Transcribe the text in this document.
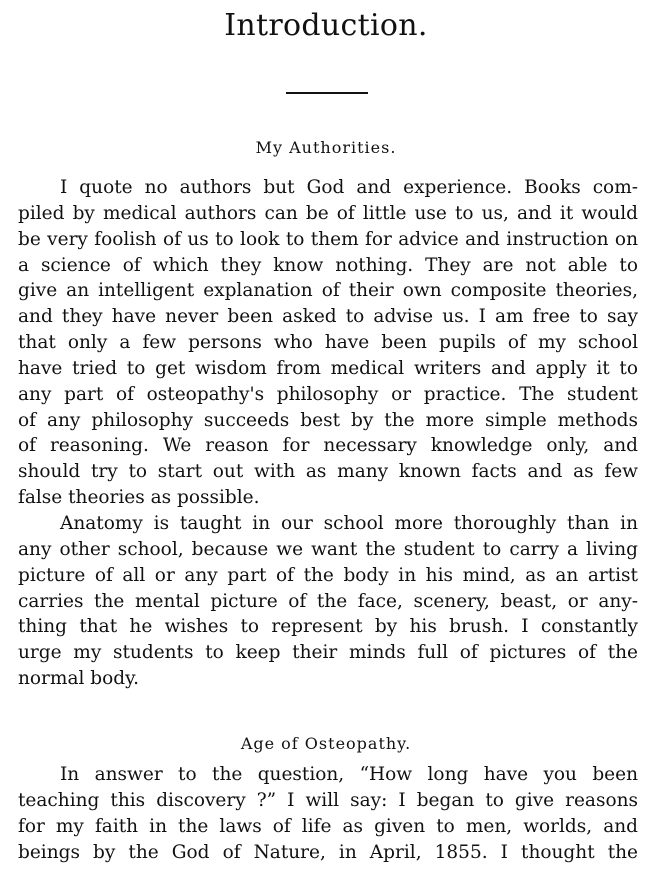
Introduction.
My Authorities.
I quote no authors but God and experience. Books com-
piled by medical authors can be of little use to us, and it would
be very foolish of us to look to them for advice and instruction on
a science of which they know nothing. They are not able to
give an intelligent explanation of their own composite theories,
and they have never been asked to advise us. I am free to say
that only a few persons who have been pupils of my school
have tried to get wisdom from medical writers and apply it to
any part of osteopathy's philosophy or practice. The student
of any philosophy succeeds best by the more simple methods
of reasoning. We reason for necessary knowledge only, and
should try to start out with as many known facts and as few
false theories as possible.
Anatomy is taught in our school more thoroughly than in
any other school, because we want the student to carry a living
picture of all or any part of the body in his mind, as an artist
carries the mental picture of the face, scenery, beast, or any-
thing that he wishes to represent by his brush. I constantly
urge my students to keep their minds full of pictures of the
normal body.
Age of Osteopathy.
In answer to the question, “How long have you been
teaching this discovery ?” I will say: I began to give reasons
for my faith in the laws of life as given to men, worlds, and
beings by the God of Nature, in April, 1855. I thought the
